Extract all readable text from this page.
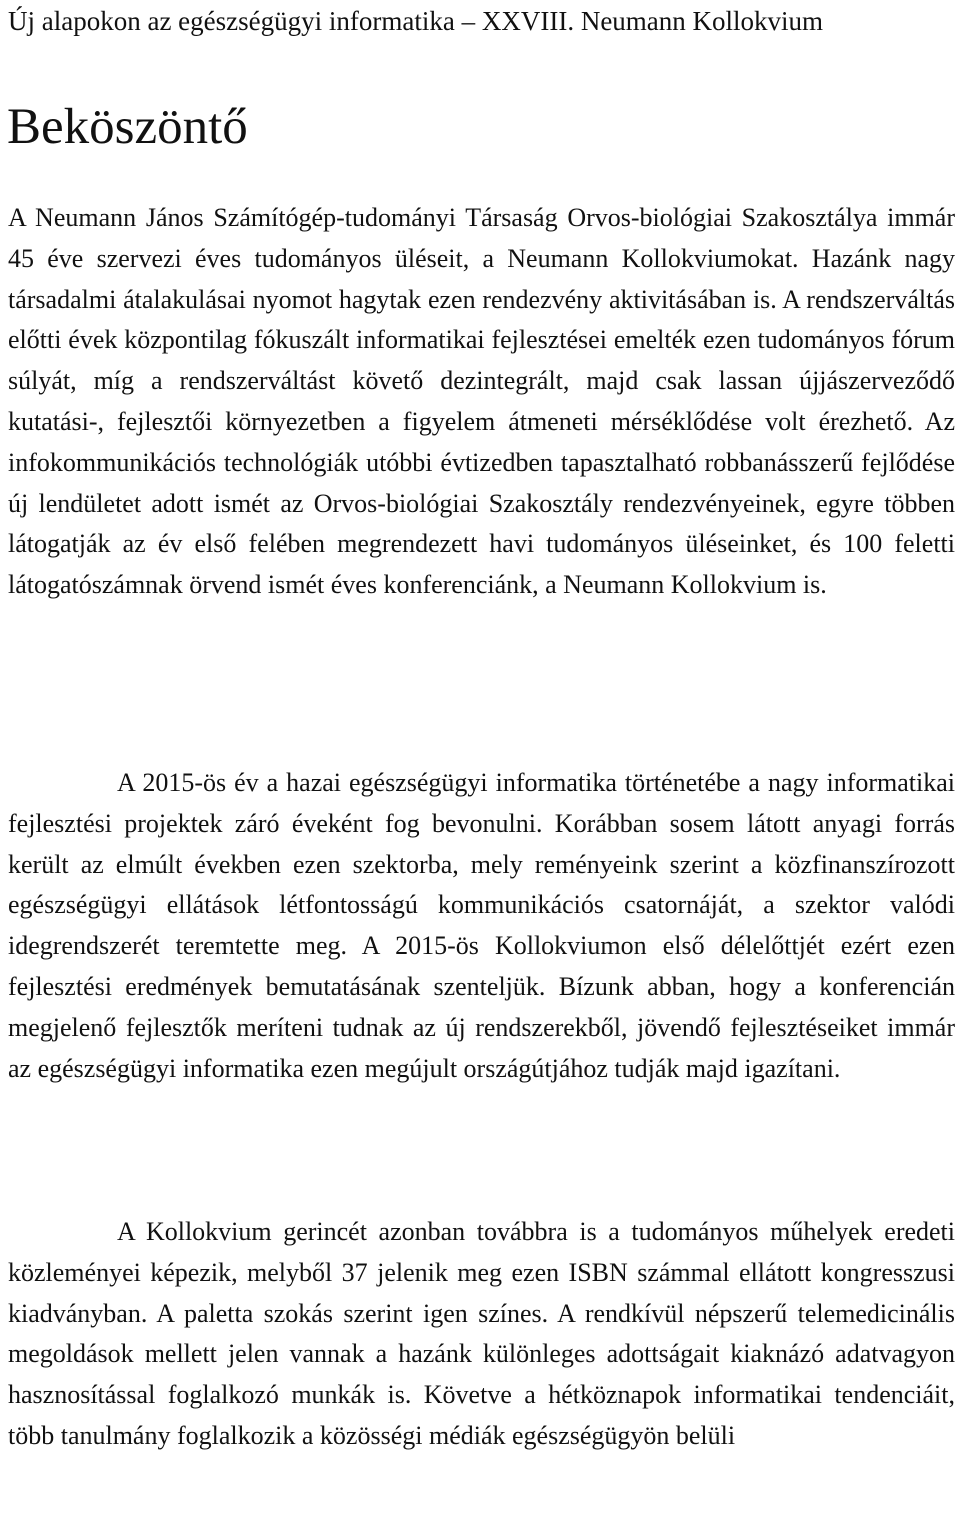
Új alapokon az egészségügyi informatika – XXVIII. Neumann Kollokvium
Beköszöntő

A Neumann János Számítógép-tudományi Társaság Orvos-biológiai Szakosztálya immár 45 éve szervezi éves tudományos üléseit, a Neumann Kollokviumokat. Hazánk nagy társadalmi átalakulásai nyomot hagytak ezen rendezvény aktivitásában is. A rendszerváltás előtti évek központilag fókuszált informatikai fejlesztései emelték ezen tudományos fórum súlyát, míg a rendszerváltást követő dezintegrált, majd csak lassan újjászerveződő kutatási-, fejlesztői környezetben a figyelem átmeneti mérséklődése volt érezhető. Az infokommunikációs technológiák utóbbi évtizedben tapasztalható robbanásszerű fejlődése új lendületet adott ismét az Orvos-biológiai Szakosztály rendezvényeinek, egyre többen látogatják az év első felében megrendezett havi tudományos üléseinket, és 100 feletti látogatószámnak örvend ismét éves konferenciánk, a Neumann Kollokvium is.

A 2015-ös év a hazai egészségügyi informatika történetébe a nagy informatikai fejlesztési projektek záró éveként fog bevonulni. Korábban sosem látott anyagi forrás került az elmúlt években ezen szektorba, mely reményeink szerint a közfinanszírozott egészségügyi ellátások létfontosságú kommunikációs csatornáját, a szektor valódi idegrendszerét teremtette meg. A 2015-ös Kollokviumon első délelőttjét ezért ezen fejlesztési eredmények bemutatásának szenteljük. Bízunk abban, hogy a konferencián megjelenő fejlesztők meríteni tudnak az új rendszerekből, jövendő fejlesztéseiket immár az egészségügyi informatika ezen megújult országútjához tudják majd igazítani.

A Kollokvium gerincét azonban továbbra is a tudományos műhelyek eredeti közleményei képezik, melyből 37 jelenik meg ezen ISBN számmal ellátott kongresszusi kiadványban. A paletta szokás szerint igen színes. A rendkívül népszerű telemedicinális megoldások mellett jelen vannak a hazánk különleges adottságait kiaknázó adatvagyon hasznosítással foglalkozó munkák is. Követve a hétköznapok informatikai tendenciáit, több tanulmány foglalkozik a közösségi médiák egészségügyön belüli
